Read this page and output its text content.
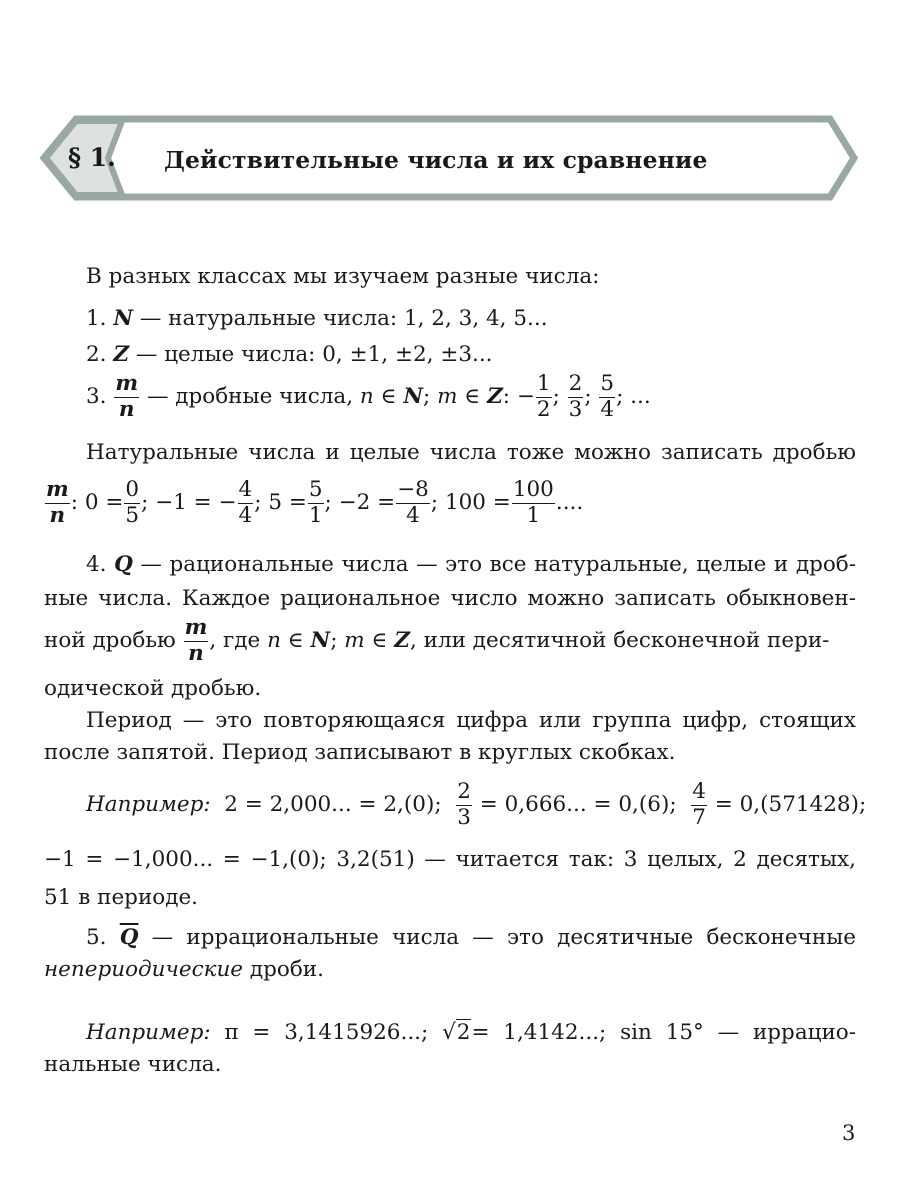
§ 1. Действительные числа и их сравнение
В разных классах мы изучаем разные числа:
1. N — натуральные числа: 1, 2, 3, 4, 5...
2. Z — целые числа: 0, ±1, ±2, ±3...
3. $\frac{m}{n}$ — дробные числа, n ∈ N; m ∈ Z: − $\frac{1}{2}$ ; $\frac{2}{3}$ ; $\frac{5}{4}$ ; ...
Натуральные числа и целые числа тоже можно записать дробью
$\frac{m}{n}$ : $0 = \frac{0}{5}$ ; −1 = − $\frac{4}{4}$ ; $5 = \frac{5}{1}$ ; $-2 = \frac{-8}{4}$ ; $100 = \frac{100}{1}$ ....
4. Q — рациональные числа — это все натуральные, целые и дроб-
ные числа. Каждое рациональное число можно записать обыкновен-
ной дробью $\frac{m}{n}$ , где n ∈ N; m ∈ Z, или десятичной бесконечной пери-
одической дробью.
Период — это повторяющаяся цифра или группа цифр, стоящих
после запятой. Период записывают в круглых скобках.
Например: 2 = 2,000... = 2,(0); $\frac{2}{3} = 0,666$... = 0,(6); $\frac{4}{7} = 0,(571428)$;
−1 = −1,000... = −1,(0); 3,2(51) — читается так: 3 целых, 2 десятых,
51 в периоде.
5. $\overline{Q}$ — иррациональные числа — это десятичные бесконечные
непериодические дроби.
Например: π = 3,1415926...; √2= 1,4142...; sin 15° — иррацио-
нальные числа.
3
